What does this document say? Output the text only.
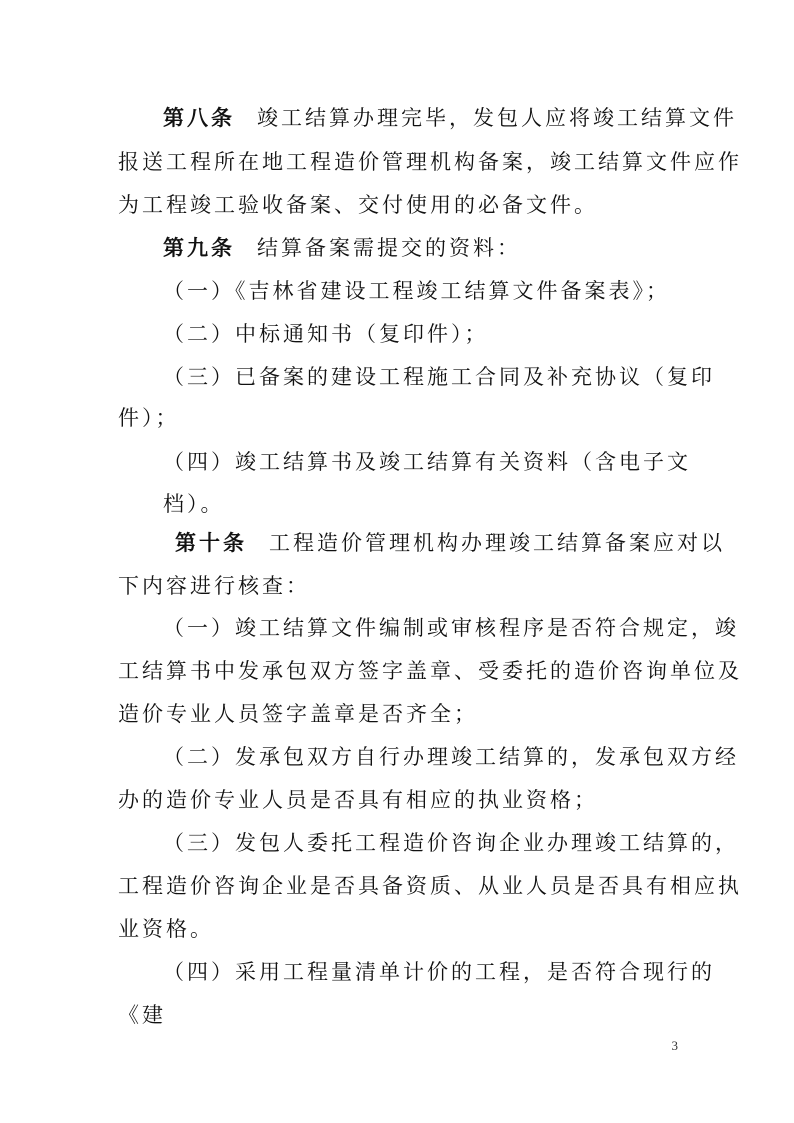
第八条 竣工结算办理完毕，发包人应将竣工结算文件
报送工程所在地工程造价管理机构备案，竣工结算文件应作
为工程竣工验收备案、交付使用的必备文件。
第九条 结算备案需提交的资料：
（一）《吉林省建设工程竣工结算文件备案表》；
（二）中标通知书（复印件）；
（三）已备案的建设工程施工合同及补充协议（复印
件）；
（四）竣工结算书及竣工结算有关资料（含电子文
档）。
第十条 工程造价管理机构办理竣工结算备案应对以
下内容进行核查：
（一）竣工结算文件编制或审核程序是否符合规定，竣
工结算书中发承包双方签字盖章、受委托的造价咨询单位及
造价专业人员签字盖章是否齐全；
（二）发承包双方自行办理竣工结算的，发承包双方经
办的造价专业人员是否具有相应的执业资格；
（三）发包人委托工程造价咨询企业办理竣工结算的，
工程造价咨询企业是否具备资质、从业人员是否具有相应执
业资格。
（四）采用工程量清单计价的工程，是否符合现行的
《建
3
